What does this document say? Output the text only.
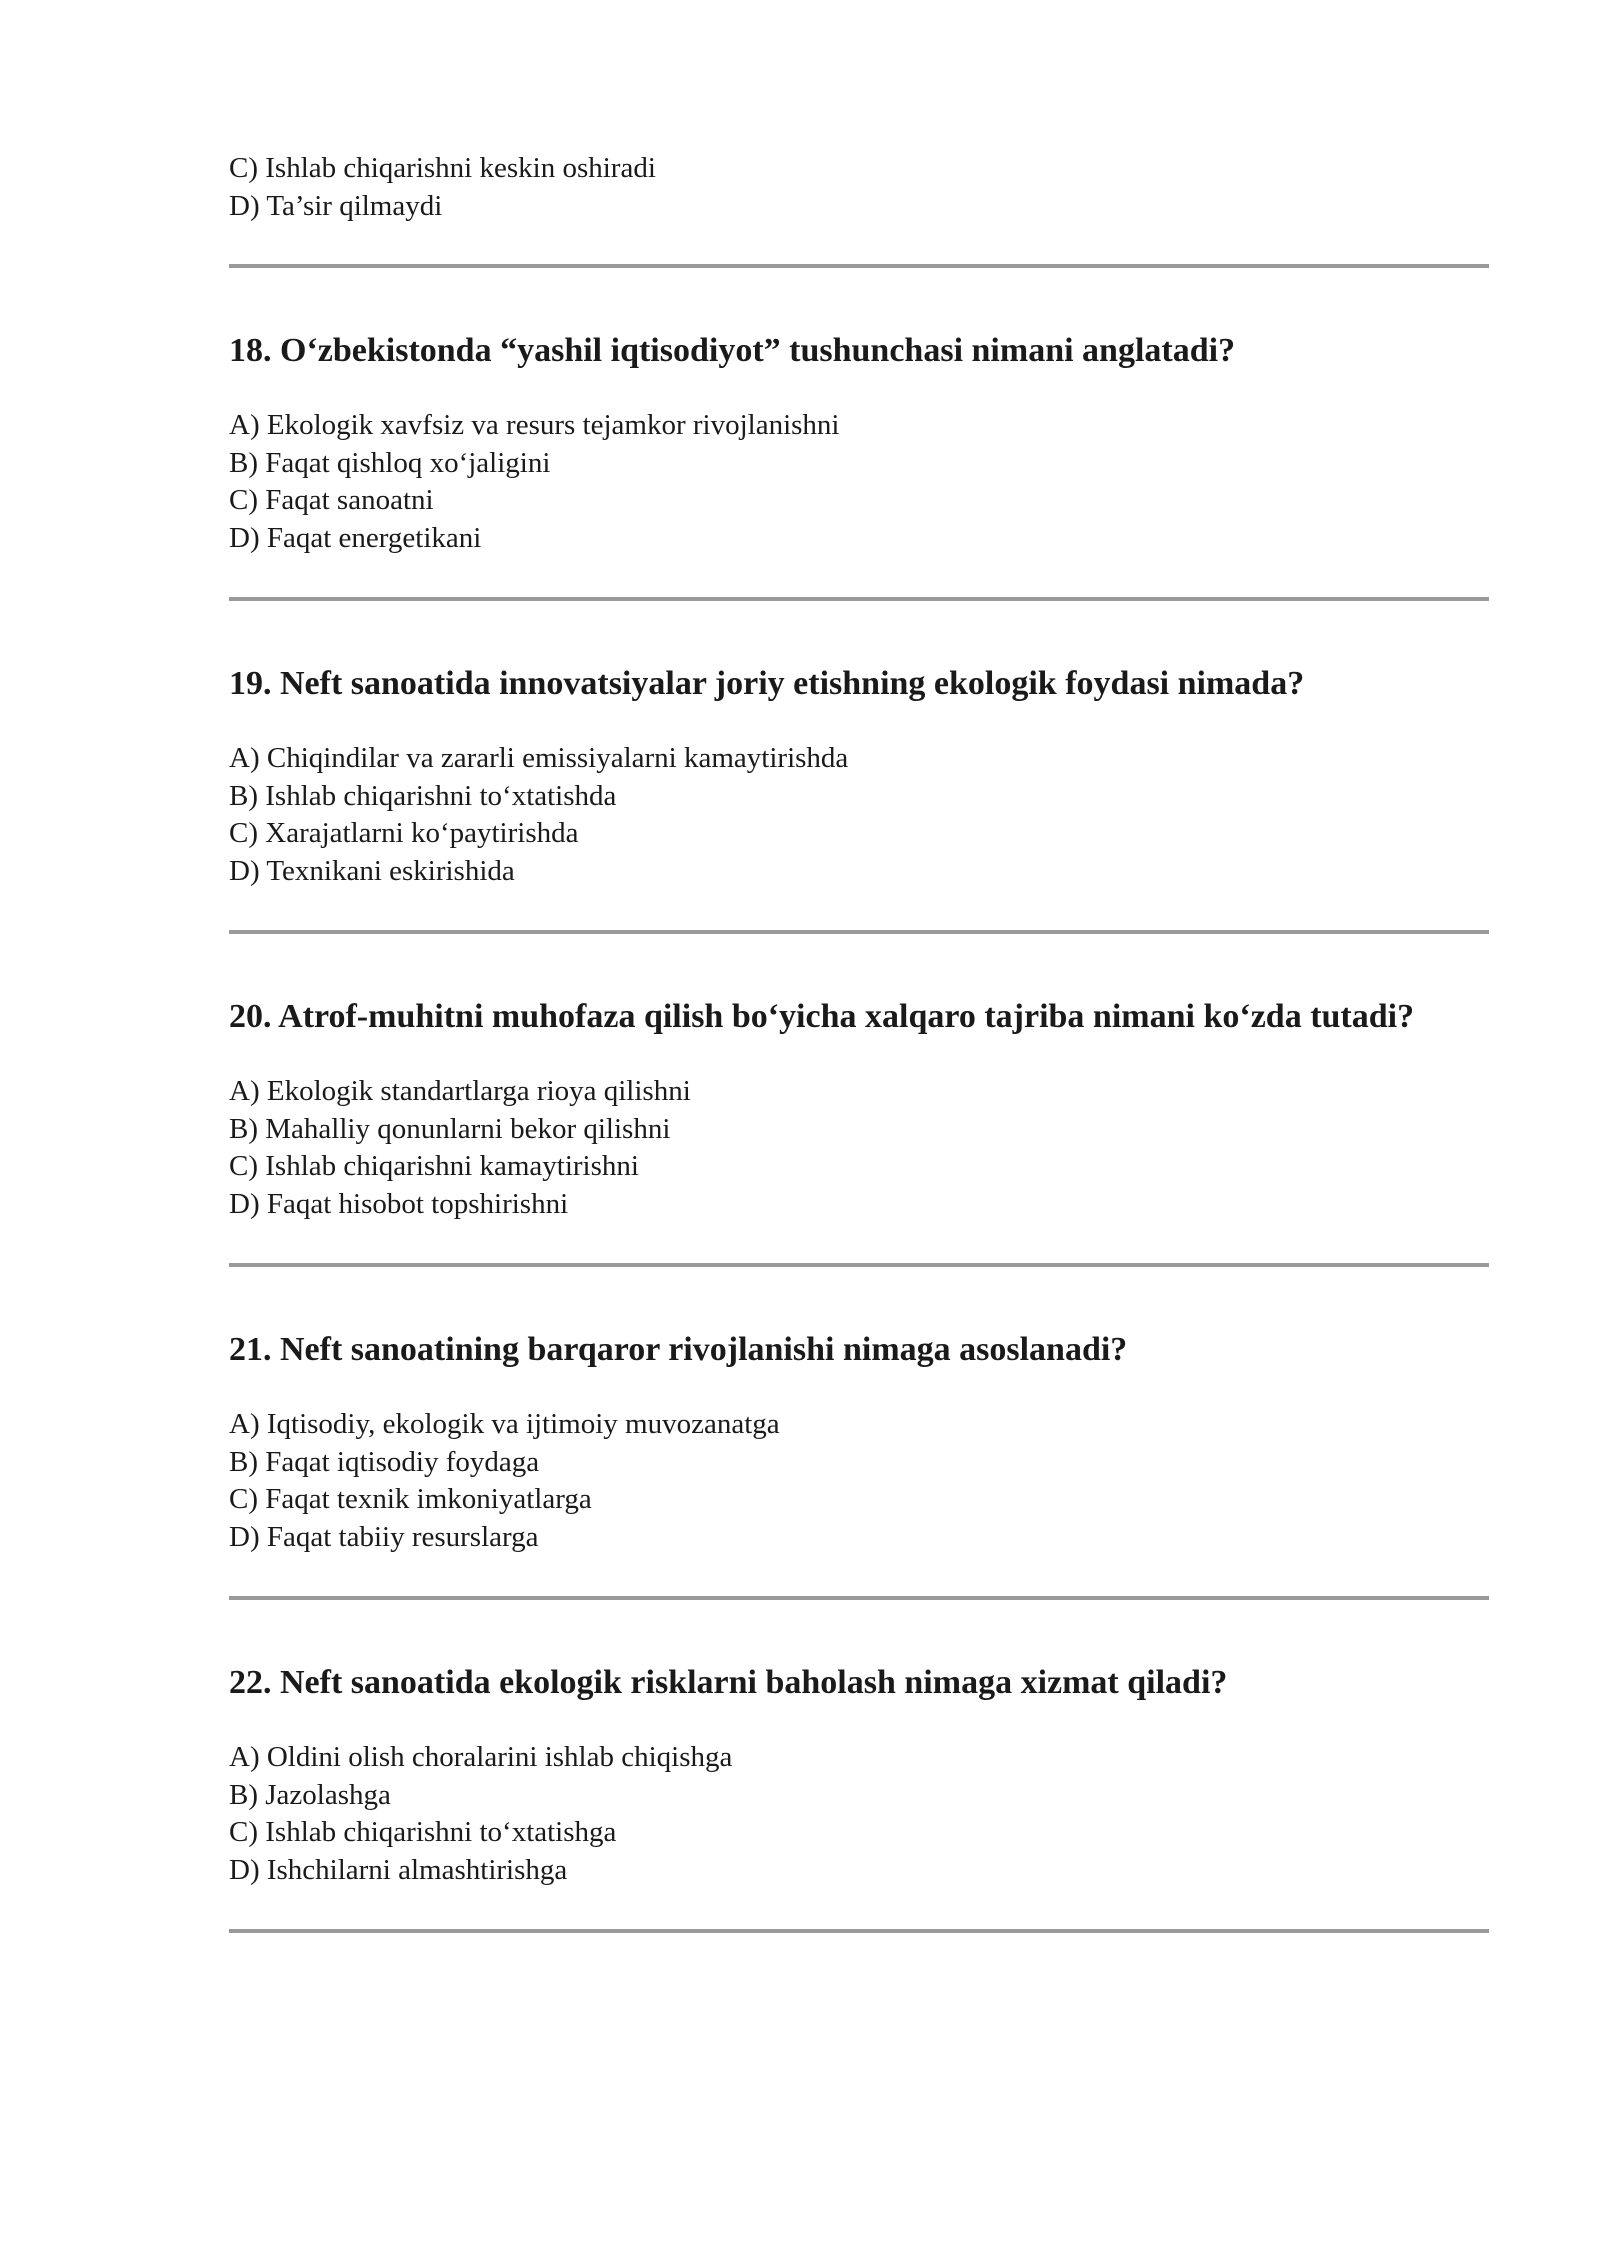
C) Ishlab chiqarishni keskin oshiradi
D) Ta’sir qilmaydi

18. O‘zbekistonda “yashil iqtisodiyot” tushunchasi nimani anglatadi?

A) Ekologik xavfsiz va resurs tejamkor rivojlanishni
B) Faqat qishloq xo‘jaligini
C) Faqat sanoatni
D) Faqat energetikani

19. Neft sanoatida innovatsiyalar joriy etishning ekologik foydasi nimada?

A) Chiqindilar va zararli emissiyalarni kamaytirishda
B) Ishlab chiqarishni to‘xtatishda
C) Xarajatlarni ko‘paytirishda
D) Texnikani eskirishida

20. Atrof-muhitni muhofaza qilish bo‘yicha xalqaro tajriba nimani ko‘zda tutadi?

A) Ekologik standartlarga rioya qilishni
B) Mahalliy qonunlarni bekor qilishni
C) Ishlab chiqarishni kamaytirishni
D) Faqat hisobot topshirishni

21. Neft sanoatining barqaror rivojlanishi nimaga asoslanadi?

A) Iqtisodiy, ekologik va ijtimoiy muvozanatga
B) Faqat iqtisodiy foydaga
C) Faqat texnik imkoniyatlarga
D) Faqat tabiiy resurslarga

22. Neft sanoatida ekologik risklarni baholash nimaga xizmat qiladi?

A) Oldini olish choralarini ishlab chiqishga
B) Jazolashga
C) Ishlab chiqarishni to‘xtatishga
D) Ishchilarni almashtirishga
